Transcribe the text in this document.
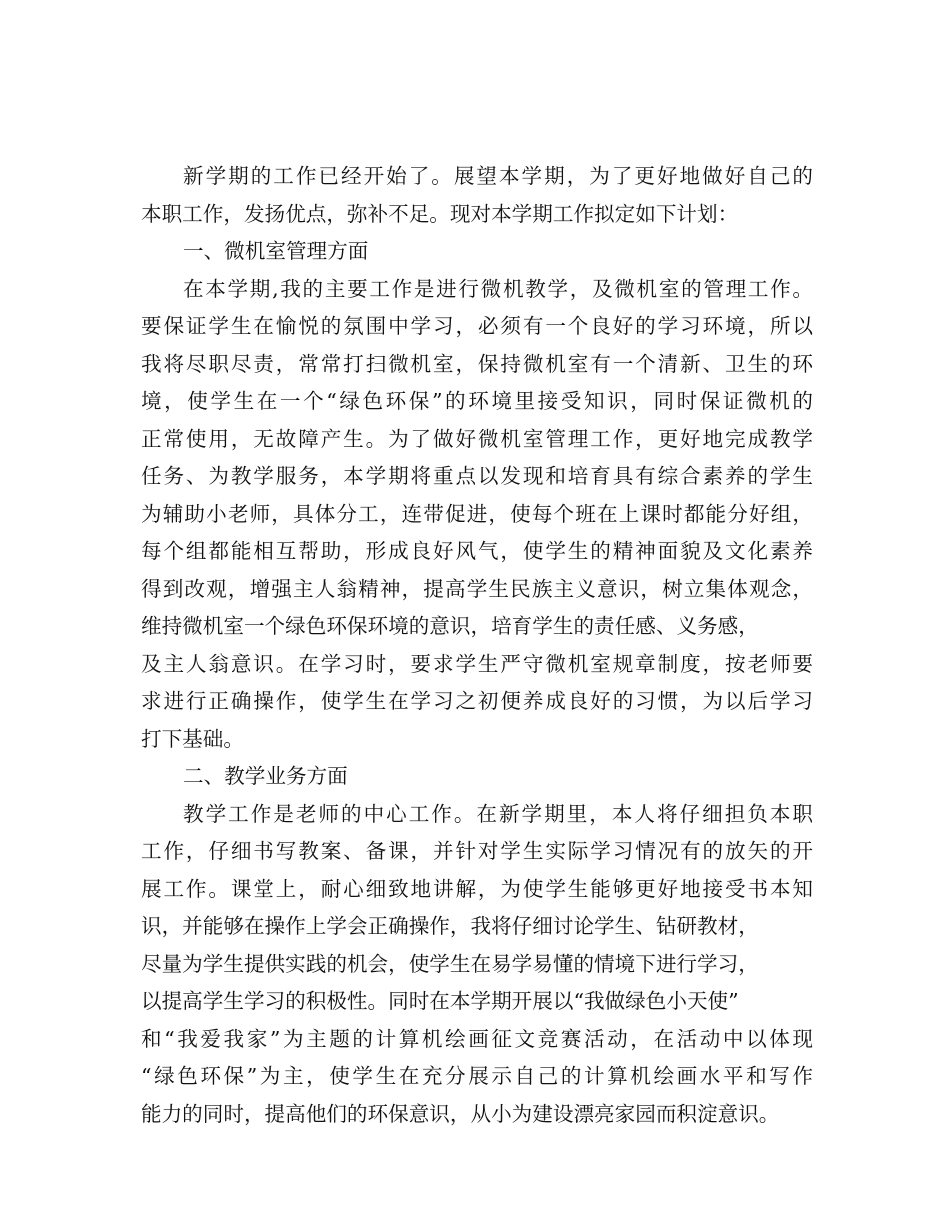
新学期的工作已经开始了。展望本学期，为了更好地做好自己的
本职工作，发扬优点，弥补不足。现对本学期工作拟定如下计划：
一、微机室管理方面
在本学期,我的主要工作是进行微机教学，及微机室的管理工作。
要保证学生在愉悦的氛围中学习，必须有一个良好的学习环境，所以
我将尽职尽责，常常打扫微机室，保持微机室有一个清新、卫生的环
境，使学生在一个“绿色环保”的环境里接受知识，同时保证微机的
正常使用，无故障产生。为了做好微机室管理工作，更好地完成教学
任务、为教学服务，本学期将重点以发现和培育具有综合素养的学生
为辅助小老师，具体分工，连带促进，使每个班在上课时都能分好组，
每个组都能相互帮助，形成良好风气，使学生的精神面貌及文化素养
得到改观，增强主人翁精神，提高学生民族主义意识，树立集体观念，
维持微机室一个绿色环保环境的意识，培育学生的责任感、义务感，
及主人翁意识。在学习时，要求学生严守微机室规章制度，按老师要
求进行正确操作，使学生在学习之初便养成良好的习惯，为以后学习
打下基础。
二、教学业务方面
教学工作是老师的中心工作。在新学期里，本人将仔细担负本职
工作，仔细书写教案、备课，并针对学生实际学习情况有的放矢的开
展工作。课堂上，耐心细致地讲解，为使学生能够更好地接受书本知
识，并能够在操作上学会正确操作，我将仔细讨论学生、钻研教材，
尽量为学生提供实践的机会，使学生在易学易懂的情境下进行学习，
以提高学生学习的积极性。同时在本学期开展以“我做绿色小天使”
和“我爱我家”为主题的计算机绘画征文竞赛活动，在活动中以体现
“绿色环保”为主，使学生在充分展示自己的计算机绘画水平和写作
能力的同时，提高他们的环保意识，从小为建设漂亮家园而积淀意识。
